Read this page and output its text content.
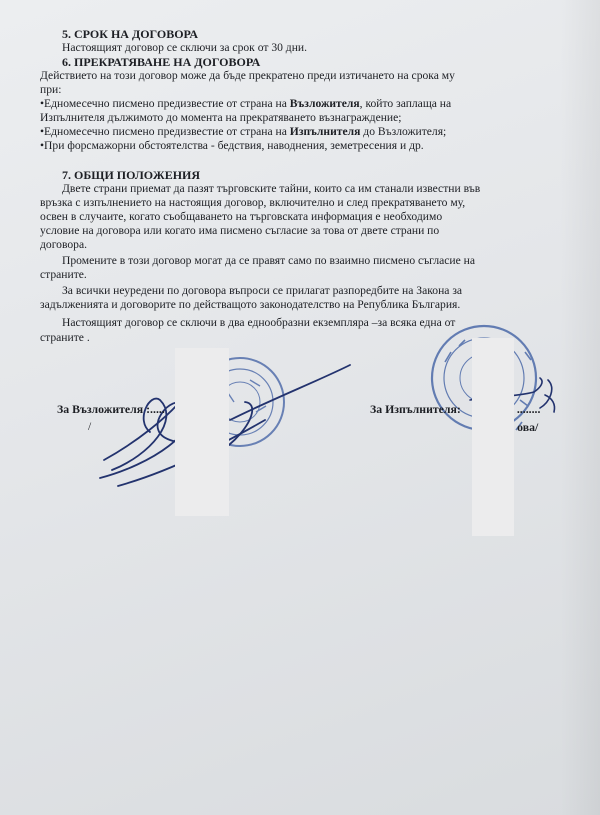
5. СРОК НА ДОГОВОРА
Настоящият договор се сключи за срок от 30 дни.
6. ПРЕКРАТЯВАНЕ НА ДОГОВОРА
Действието на този договор може да бъде прекратено преди изтичането на срока му
при:
•Едномесечно писмено предизвестие от страна на Възложителя, който заплаща на
Изпълнителя дължимото до момента на прекратяването възнаграждение;
•Едномесечно писмено предизвестие от страна на Изпълнителя до Възложителя;
•При форсмажорни обстоятелства - бедствия, наводнения, земетресения и др.
7. ОБЩИ ПОЛОЖЕНИЯ
Двете страни приемат да пазят търговските тайни, които са им станали известни във
връзка с изпълнението на настоящия договор, включително и след прекратяването му,
освен в случаите, когато съобщаването на търговската информация е необходимо
условие на договора или когато има писмено съгласие за това от двете страни по
договора.
Промените в този договор могат да се правят само по взаимно писмено съгласие на
страните.
За всички неуредени по договора въпроси се прилагат разпоредбите на Закона за
задълженията и договорите по действащото законодателство на Република България.
Настоящият договор се сключи в два еднообразни екземпляра –за всяка една от
страните .
За Възложителя :.....
/
За Изпълнителя:	........
ова/
